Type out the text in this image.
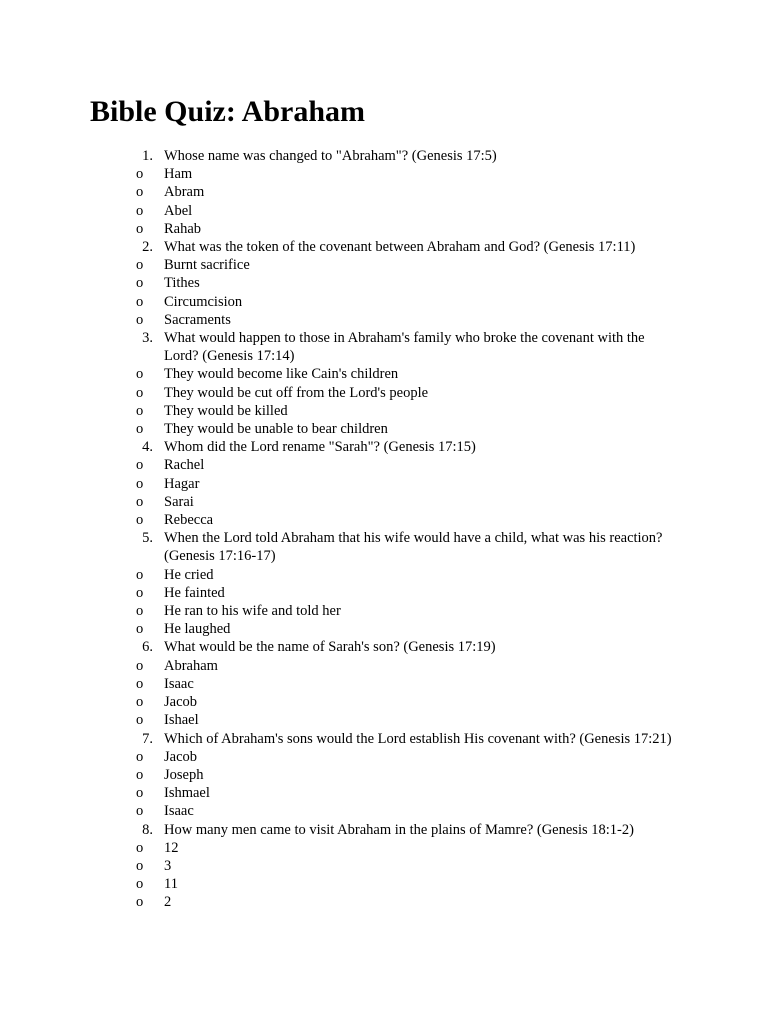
Bible Quiz: Abraham
1. Whose name was changed to "Abraham"? (Genesis 17:5)
o	Ham
o	Abram
o	Abel
o	Rahab
2. What was the token of the covenant between Abraham and God? (Genesis 17:11)
o	Burnt sacrifice
o	Tithes
o	Circumcision
o	Sacraments
3. What would happen to those in Abraham's family who broke the covenant with the Lord? (Genesis 17:14)
o	They would become like Cain's children
o	They would be cut off from the Lord's people
o	They would be killed
o	They would be unable to bear children
4. Whom did the Lord rename "Sarah"? (Genesis 17:15)
o	Rachel
o	Hagar
o	Sarai
o	Rebecca
5. When the Lord told Abraham that his wife would have a child, what was his reaction? (Genesis 17:16-17)
o	He cried
o	He fainted
o	He ran to his wife and told her
o	He laughed
6. What would be the name of Sarah's son? (Genesis 17:19)
o	Abraham
o	Isaac
o	Jacob
o	Ishael
7. Which of Abraham's sons would the Lord establish His covenant with? (Genesis 17:21)
o	Jacob
o	Joseph
o	Ishmael
o	Isaac
8. How many men came to visit Abraham in the plains of Mamre? (Genesis 18:1-2)
o	12
o	3
o	11
o	2
